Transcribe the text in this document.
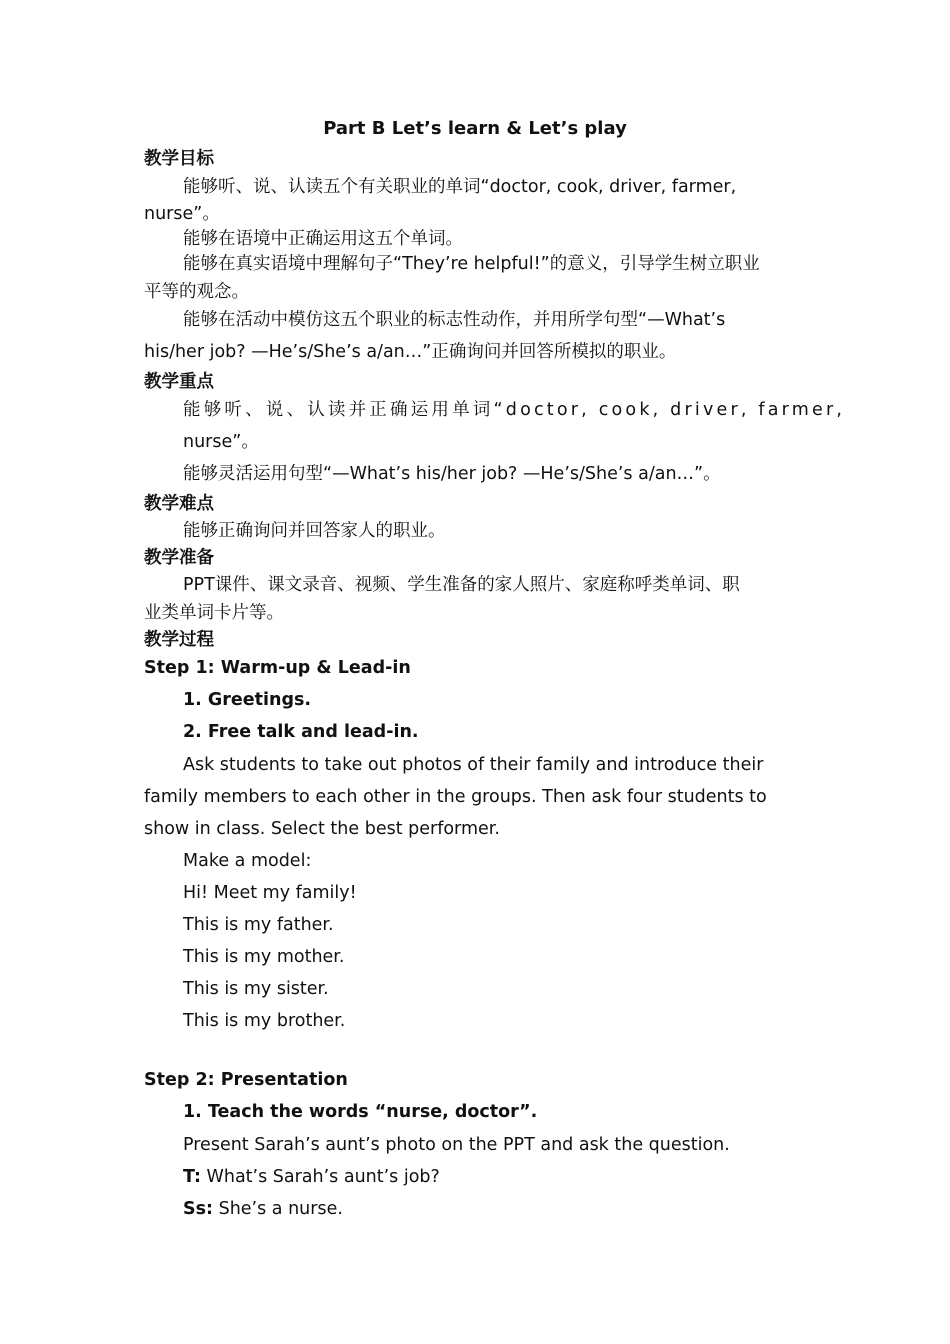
Part B Let’s learn & Let’s play
教学目标
能够听、说、认读五个有关职业的单词“doctor, cook, driver, farmer,
nurse”。
能够在语境中正确运用这五个单词。
能够在真实语境中理解句子“They’re helpful!”的意义，引导学生树立职业
平等的观念。
能够在活动中模仿这五个职业的标志性动作，并用所学句型“—What’s
his/her job? —He’s/She’s a/an…”正确询问并回答所模拟的职业。
教学重点
能够听、说、认读并正确运用单词“doctor, cook, driver, farmer,
nurse”。
能够灵活运用句型“—What’s his/her job? —He’s/She’s a/an…”。
教学难点
能够正确询问并回答家人的职业。
教学准备
PPT课件、课文录音、视频、学生准备的家人照片、家庭称呼类单词、职
业类单词卡片等。
教学过程
Step 1: Warm-up & Lead-in
1. Greetings.
2. Free talk and lead-in.
Ask students to take out photos of their family and introduce their
family members to each other in the groups. Then ask four students to
show in class. Select the best performer.
Make a model:
Hi! Meet my family!
This is my father.
This is my mother.
This is my sister.
This is my brother.
Step 2: Presentation
1. Teach the words “nurse, doctor”.
Present Sarah’s aunt’s photo on the PPT and ask the question.
T: What’s Sarah’s aunt’s job?
Ss: She’s a nurse.
